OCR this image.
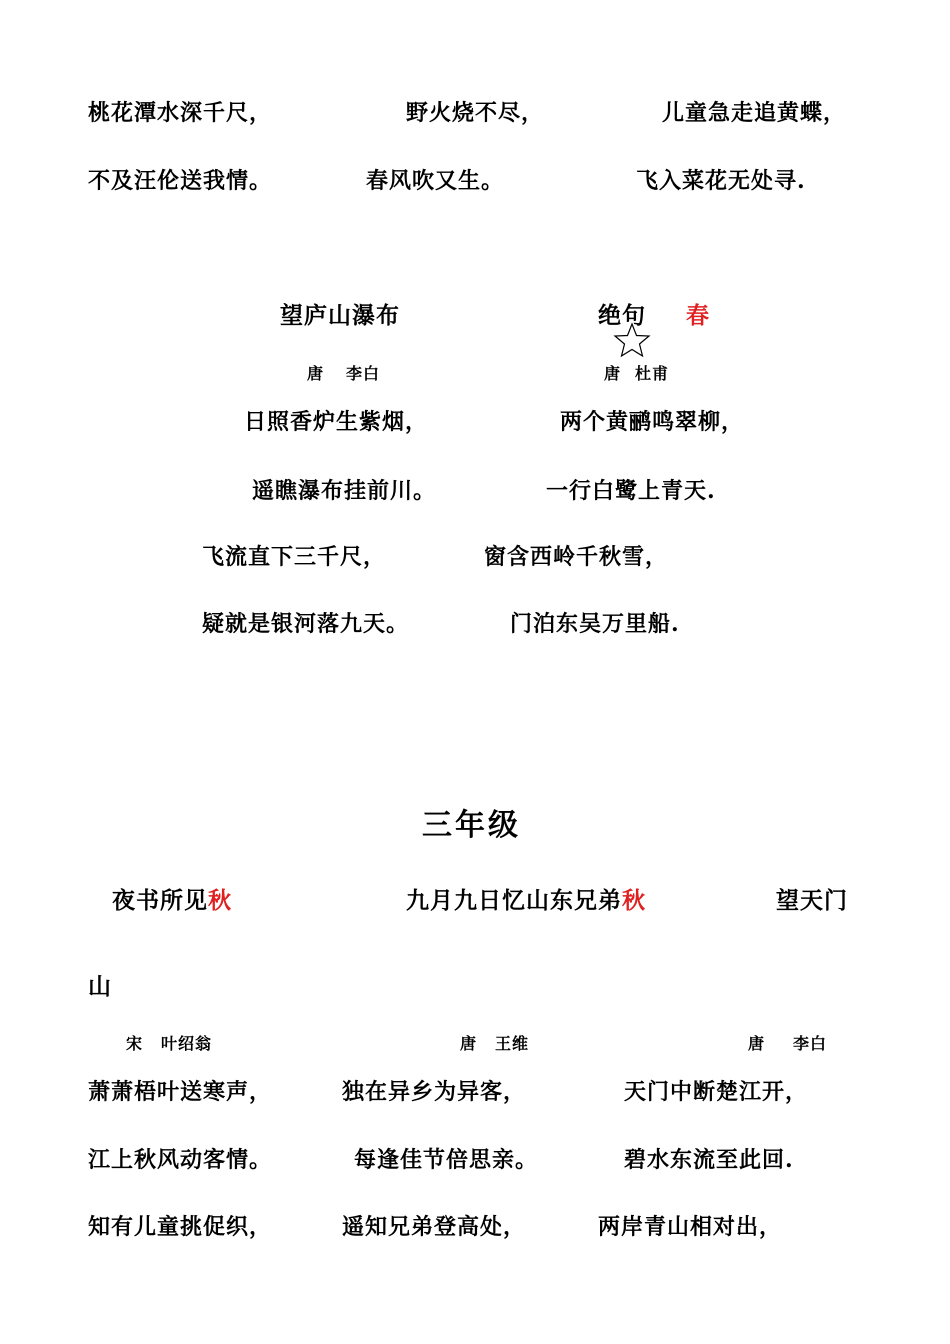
桃花潭水深千尺，
不及汪伦送我情。
野火烧不尽，
春风吹又生。
儿童急走追黄蝶，
飞入菜花无处寻.
望庐山瀑布
唐 李白
日照香炉生紫烟，
遥瞧瀑布挂前川。
飞流直下三千尺，
疑就是银河落九天。
绝句 春
唐 杜甫
两个黄鹂鸣翠柳，
一行白鹭上青天.
窗含西岭千秋雪，
门泊东吴万里船.
三年级
夜书所见秋	九月九日忆山东兄弟秋	望天门
山
宋 叶绍翁	唐 王维	唐 李白
萧萧梧叶送寒声，
江上秋风动客情。
知有儿童挑促织，
独在异乡为异客，
每逢佳节倍思亲。
遥知兄弟登高处，
天门中断楚江开，
碧水东流至此回.
两岸青山相对出，
